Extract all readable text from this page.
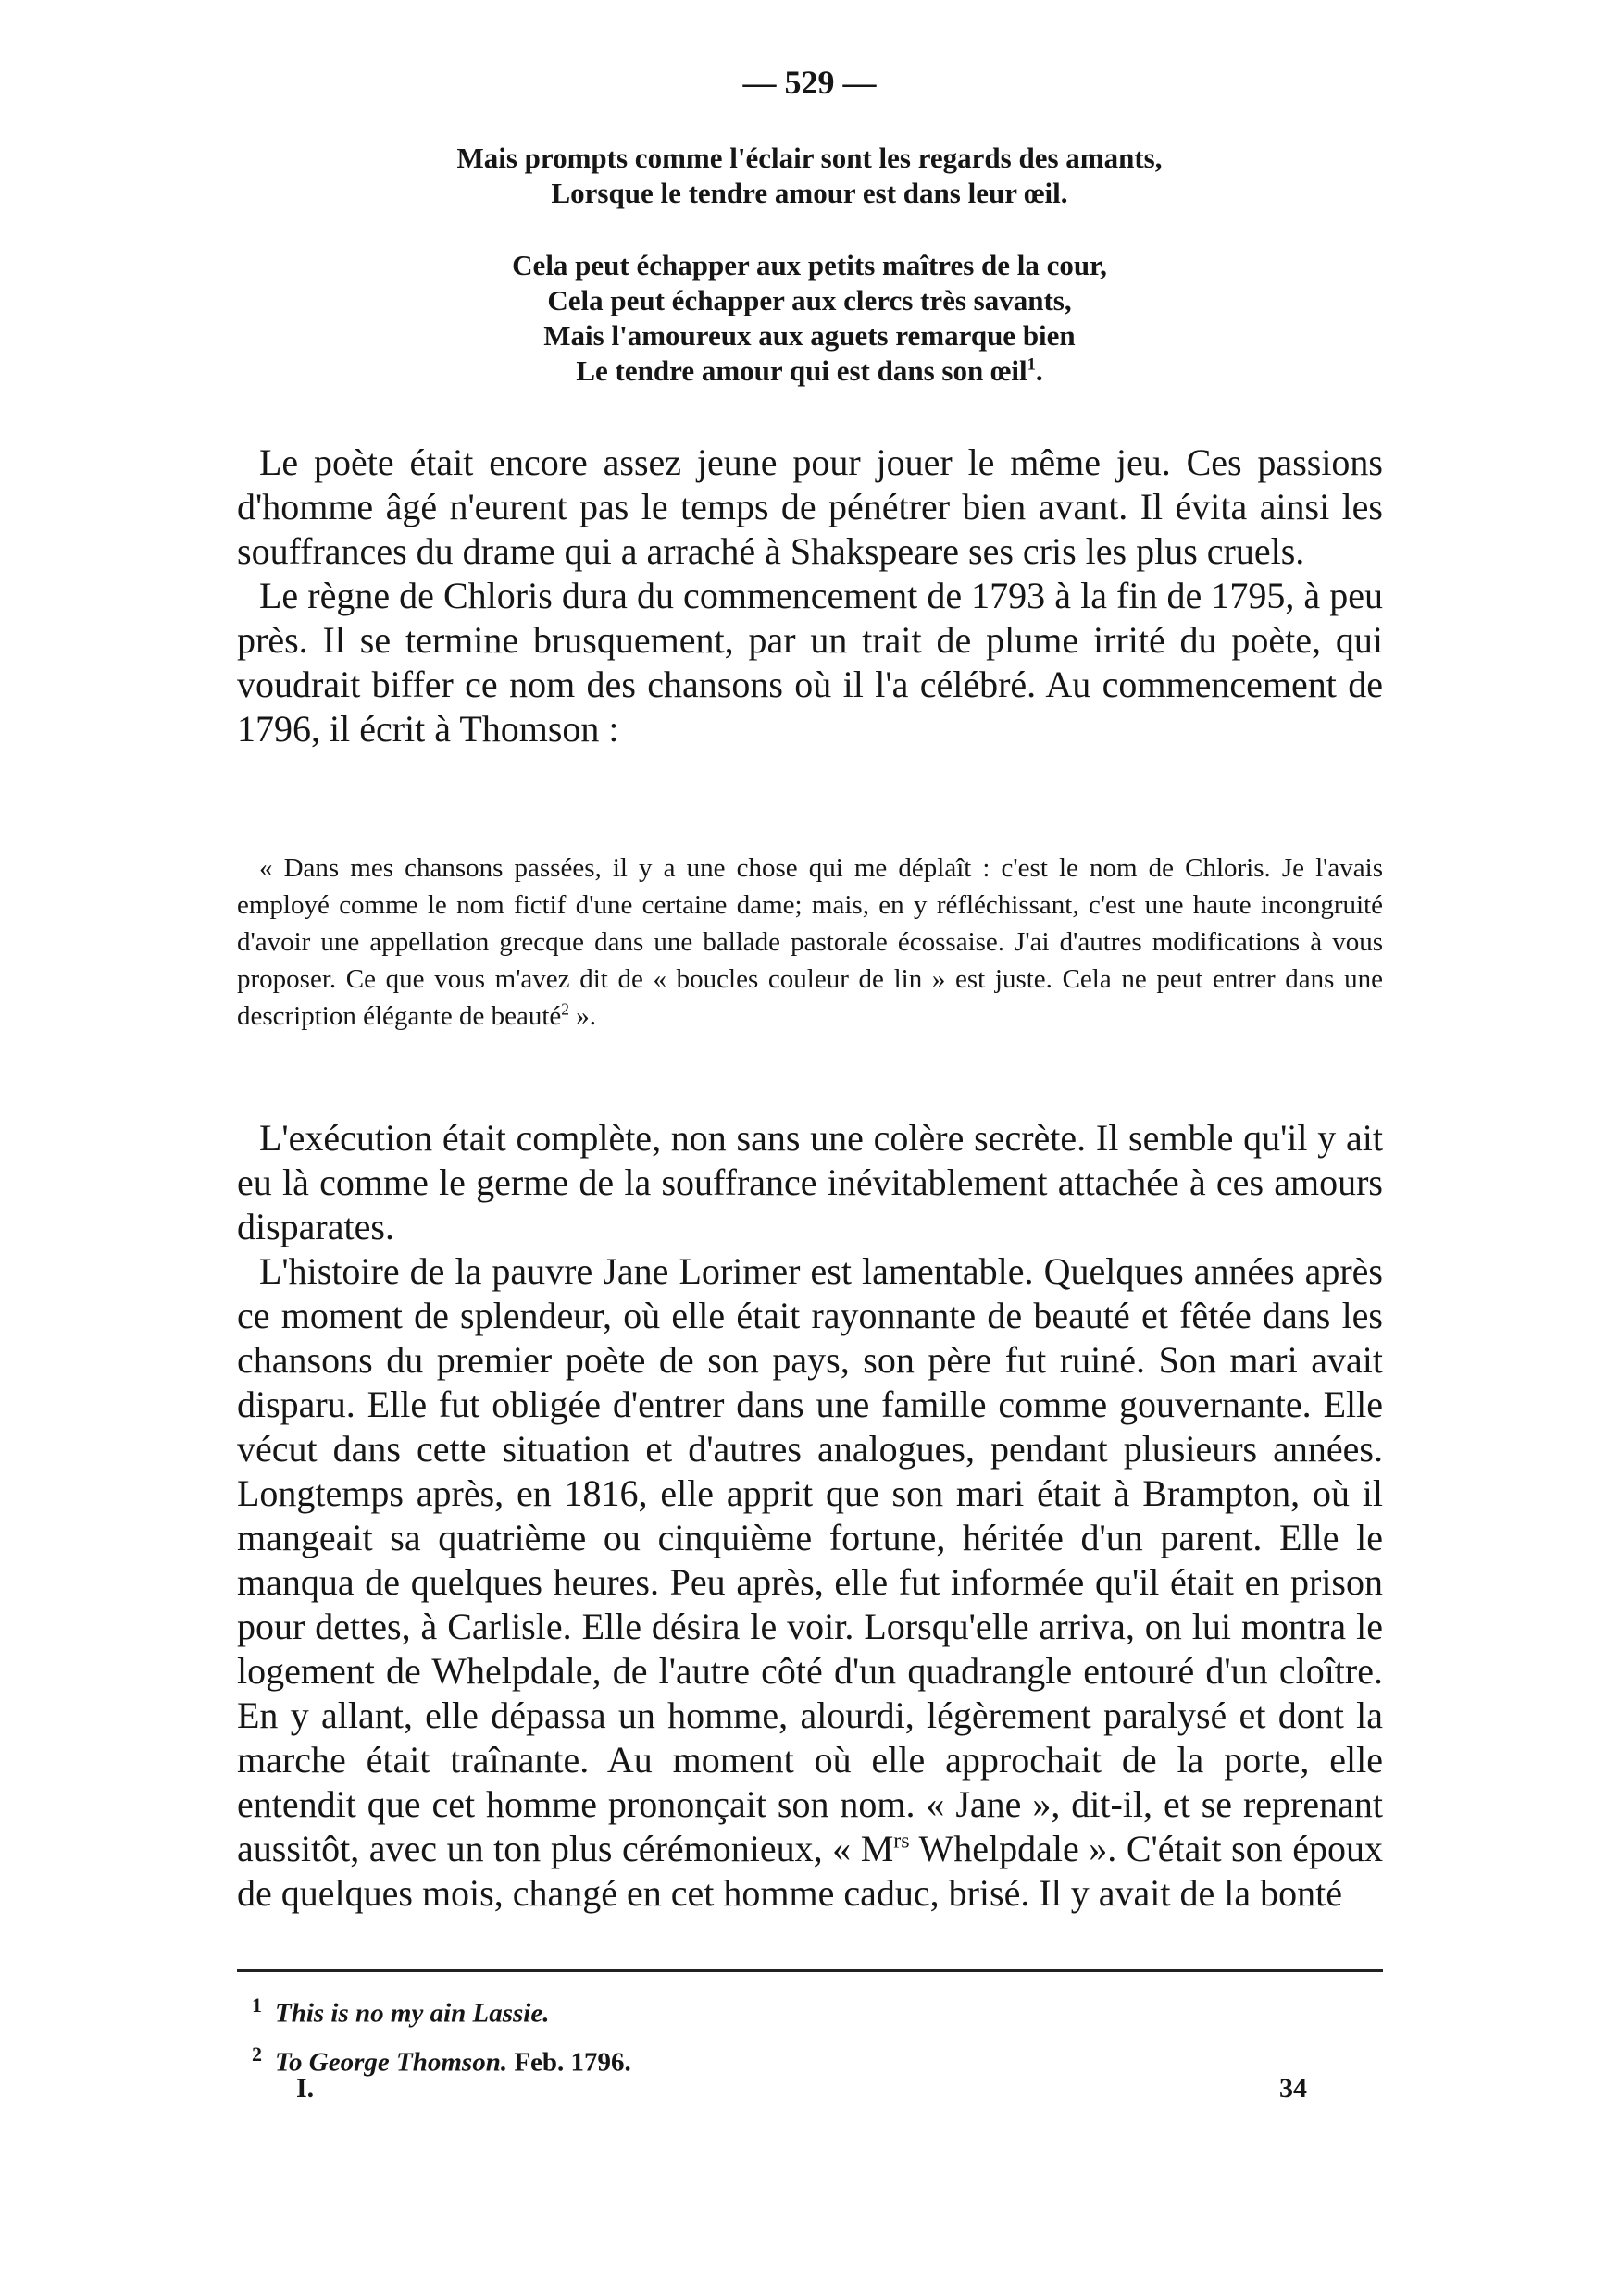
— 529 —
Mais prompts comme l'éclair sont les regards des amants,
Lorsque le tendre amour est dans leur œil.
Cela peut échapper aux petits maîtres de la cour,
Cela peut échapper aux clercs très savants,
Mais l'amoureux aux aguets remarque bien
Le tendre amour qui est dans son œil$^1$.

Le poète était encore assez jeune pour jouer le même jeu. Ces passions d'homme âgé n'eurent pas le temps de pénétrer bien avant. Il évita ainsi les souffrances du drame qui a arraché à Shakspeare ses cris les plus cruels.

Le règne de Chloris dura du commencement de 1793 à la fin de 1795, à peu près. Il se termine brusquement, par un trait de plume irrité du poète, qui voudrait biffer ce nom des chansons où il l'a célébré. Au commencement de 1796, il écrit à Thomson :

« Dans mes chansons passées, il y a une chose qui me déplaît : c'est le nom de Chloris. Je l'avais employé comme le nom fictif d'une certaine dame; mais, en y réfléchissant, c'est une haute incongruité d'avoir une appellation grecque dans une ballade pastorale écossaise. J'ai d'autres modifications à vous proposer. Ce que vous m'avez dit de « boucles couleur de lin » est juste. Cela ne peut entrer dans une description élégante de beauté$^2$ ».

L'exécution était complète, non sans une colère secrète. Il semble qu'il y ait eu là comme le germe de la souffrance inévitablement attachée à ces amours disparates.

L'histoire de la pauvre Jane Lorimer est lamentable. Quelques années après ce moment de splendeur, où elle était rayonnante de beauté et fêtée dans les chansons du premier poète de son pays, son père fut ruiné. Son mari avait disparu. Elle fut obligée d'entrer dans une famille comme gouvernante. Elle vécut dans cette situation et d'autres analogues, pendant plusieurs années. Longtemps après, en 1816, elle apprit que son mari était à Brampton, où il mangeait sa quatrième ou cinquième fortune, héritée d'un parent. Elle le manqua de quelques heures. Peu après, elle fut informée qu'il était en prison pour dettes, à Carlisle. Elle désira le voir. Lorsqu'elle arriva, on lui montra le logement de Whelpdale, de l'autre côté d'un quadrangle entouré d'un cloître. En y allant, elle dépassa un homme, alourdi, légèrement paralysé et dont la marche était traînante. Au moment où elle approchait de la porte, elle entendit que cet homme prononçait son nom. « Jane », dit-il, et se reprenant aussitôt, avec un ton plus cérémonieux, « $M^{rs}$ Whelpdale ». C'était son époux de quelques mois, changé en cet homme caduc, brisé. Il y avait de la bonté

$^1$ This is no my ain Lassie.
$^2$ To George Thomson. Feb. 1796.
I.	34
